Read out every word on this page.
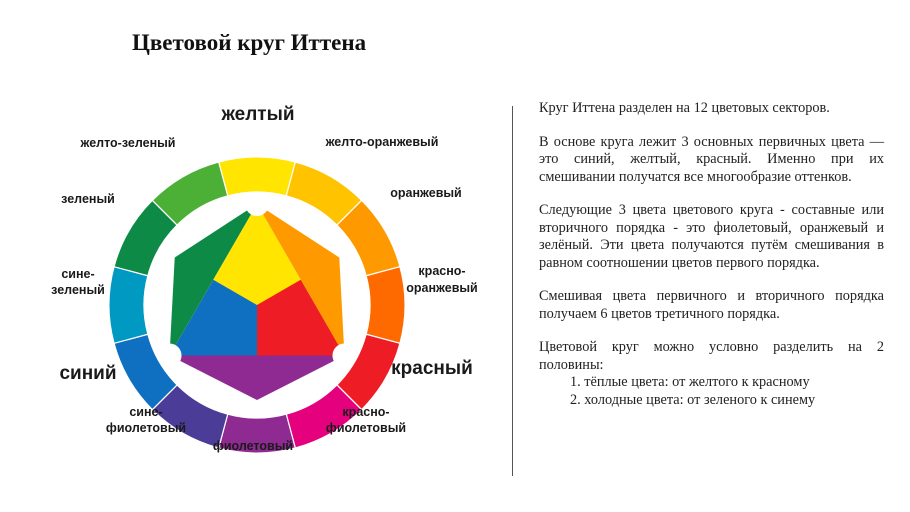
Цветовой круг Иттена
желтый
желто-оранжевый
оранжевый
красно-
оранжевый
красный
красно-
фиолетовый
фиолетовый
сине-
фиолетовый
синий
сине-
зеленый
зеленый
желто-зеленый

Круг Иттена разделен на 12 цветовых секторов.

В основе круга лежит 3 основных первичных цвета — это синий, желтый, красный. Именно при их смешивании получатся все многообразие оттенков.

Следующие 3 цвета цветового круга - составные или вторичного порядка - это фиолетовый, оранжевый и зелёный. Эти цвета получаются путём смешивания в равном соотношении цветов первого порядка.

Смешивая цвета первичного и вторичного порядка получаем 6 цветов третичного порядка.

Цветовой круг можно условно разделить на 2 половины:

1. тёплые цвета: от желтого к красному
2. холодные цвета: от зеленого к синему
